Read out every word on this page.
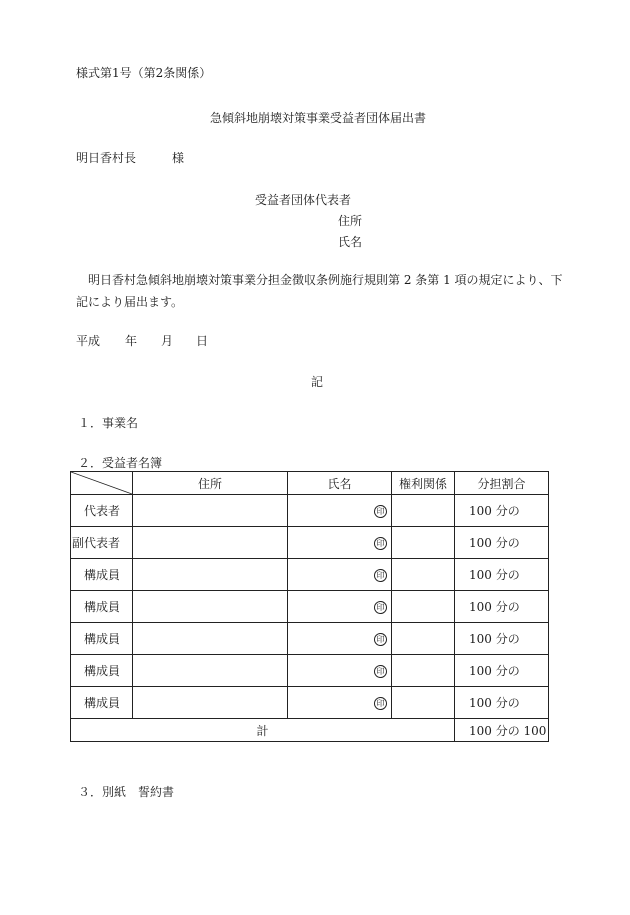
様式第1号（第2条関係）
急傾斜地崩壊対策事業受益者団体届出書
明日香村長	様
受益者団体代表者
住所
氏名
明日香村急傾斜地崩壊対策事業分担金徴収条例施行規則第 2 条第 1 項の規定により、下
記により届出ます。
平成 年 月 日
記
１．事業名
２．受益者名簿
	住所	氏名	権利関係	分担割合
代表者		印		100 分の
副代表者		印		100 分の
構成員		印		100 分の
構成員		印		100 分の
構成員		印		100 分の
構成員		印		100 分の
構成員		印		100 分の
計				100 分の 100
３．別紙　誓約書
